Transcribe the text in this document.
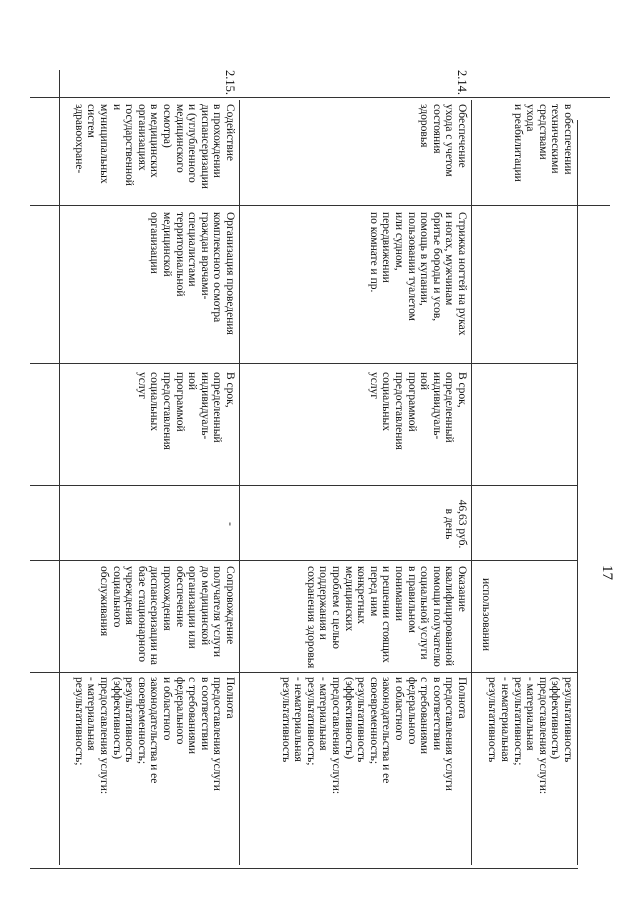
17
в обеспечении
техническими
средствами
ухода
и реабилитации
использовании
результативность
(эффективность)
предоставления услуги:
- материальная
результативность;
- нематериальная
результативность
2.14.
Обеспечение
ухода с учетом
состояния
здоровья
Стрижка ногтей на руках
и ногах, мужчинам
бритье бороды и усов,
помощь в купании,
пользовании туалетом
или судном,
передвижении
по комнате и пр.
В срок,
определенный
индивидуаль-
ной
программой
предоставления
социальных
услуг
46,63 руб.
в день
Оказание
квалифицированной
помощи получателю
социальной услуги
в правильном
понимании
и решении стоящих
перед ним
конкретных
медицинских
проблем с целью
поддержания и
сохранения здоровья
Полнота
предоставления услуги
в соответствии
с требованиями
федерального
и областного
законодательства и ее
своевременность;
результативность
(эффективность)
предоставления услуги:
- материальная
результативность;
- нематериальная
результативность
2.15.
Содействие
в прохождении
диспансеризации
и (углубленного
медицинского
осмотра)
в медицинских
организациях
государственной
и
муниципальных
систем
здравоохране-
Организация проведения
комплексного осмотра
граждан врачами-
специалистами
территориальной
медицинской
организации
В срок,
определенный
индивидуаль-
ной
программой
предоставления
социальных
услуг
-
Сопровождение
получателя услуги
до медицинской
организации или
обеспечение
прохождения
диспансеризации на
базе стационарного
учреждения
социального
обслуживания
Полнота
предоставления услуги
в соответствии
с требованиями
федерального
и областного
законодательства и ее
своевременность;
результативность
(эффективность)
предоставления услуги:
- материальная
результативность;
